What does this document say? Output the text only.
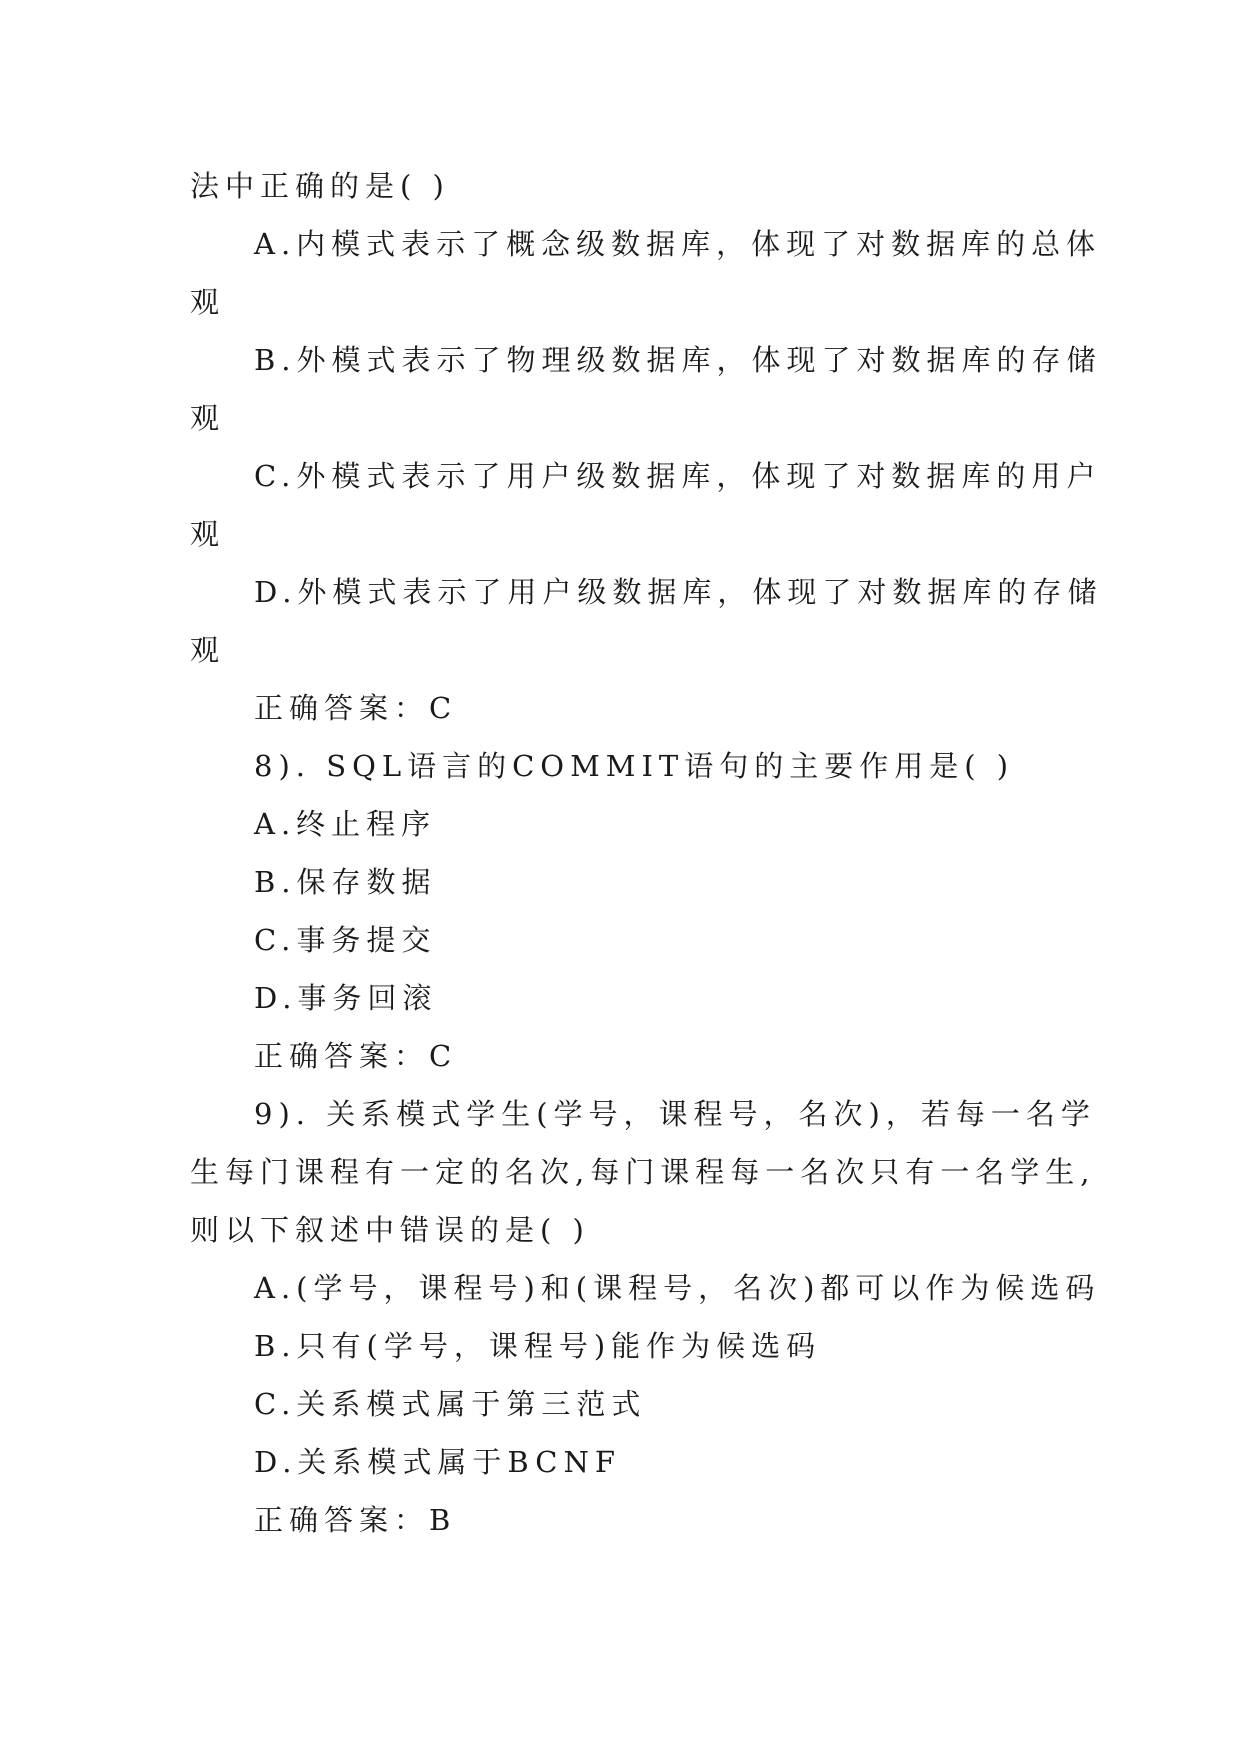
法中正确的是( )
A.内模式表示了概念级数据库，体现了对数据库的总体
观
B.外模式表示了物理级数据库，体现了对数据库的存储
观
C.外模式表示了用户级数据库，体现了对数据库的用户
观
D.外模式表示了用户级数据库，体现了对数据库的存储
观
正确答案：C
8). SQL语言的COMMIT语句的主要作用是( )
A.终止程序
B.保存数据
C.事务提交
D.事务回滚
正确答案：C
9). 关系模式学生(学号，课程号，名次)，若每一名学
生每门课程有一定的名次,每门课程每一名次只有一名学生,
则以下叙述中错误的是( )
A.(学号，课程号)和(课程号，名次)都可以作为候选码
B.只有(学号，课程号)能作为候选码
C.关系模式属于第三范式
D.关系模式属于BCNF
正确答案：B
